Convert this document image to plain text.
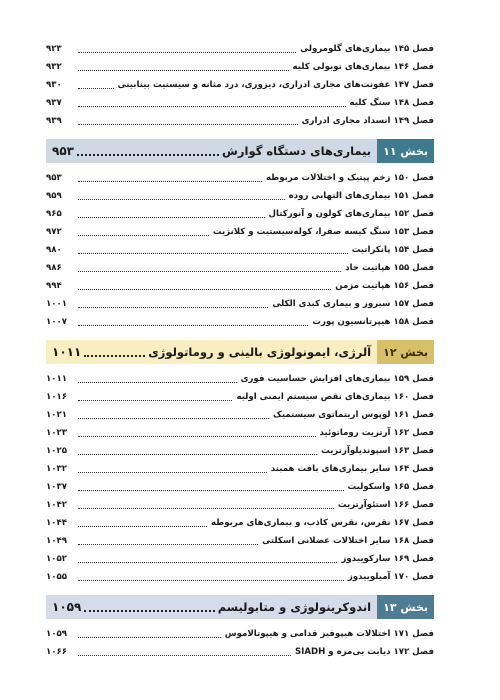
فصل ۱۴۵ بیماری‌های گلومرولی
۹۲۳
فصل ۱۴۶ بیماری‌های توبولی کلیه
۹۳۲
فصل ۱۴۷ عفونت‌های مجاری ادراری، دیزوری، درد مثانه و سیستیت بینابینی
۹۳۰
فصل ۱۴۸ سنگ کلیه
۹۳۷
فصل ۱۴۹ انسداد مجاری ادراری
۹۳۹
بخش ۱۱
بیماری‌های دستگاه گوارش
۹۵۳
فصل ۱۵۰ زخم پپتیک و اختلالات مربوطه
۹۵۳
فصل ۱۵۱ بیماری‌های التهابی روده
۹۵۹
فصل ۱۵۲ بیماری‌های کولون و آنورکتال
۹۶۵
فصل ۱۵۳ سنگ کیسه صفرا، کوله‌سیستیت و کلانژیت
۹۷۲
فصل ۱۵۴ پانکراتیت
۹۸۰
فصل ۱۵۵ هپاتیت حاد
۹۸۶
فصل ۱۵۶ هپاتیت مزمن
۹۹۴
فصل ۱۵۷ سیروز و بیماری کبدی الکلی
۱۰۰۱
فصل ۱۵۸ هیپرتانسیون پورت
۱۰۰۷
بخش ۱۲
آلرژی، ایمونولوژی بالینی و روماتولوژی
۱۰۱۱
فصل ۱۵۹ بیماری‌های افزایش حساسیت فوری
۱۰۱۱
فصل ۱۶۰ بیماری‌های نقص سیستم ایمنی اولیه
۱۰۱۶
فصل ۱۶۱ لوپوس اریتماتوی سیستمیک
۱۰۲۱
فصل ۱۶۲ آرتریت روماتوئید
۱۰۲۳
فصل ۱۶۳ اسپوندیلوآرتریت
۱۰۲۵
فصل ۱۶۴ سایر بیماری‌های بافت همبند
۱۰۳۲
فصل ۱۶۵ واسکولیت
۱۰۳۷
فصل ۱۶۶ استئوآرتریت
۱۰۴۲
فصل ۱۶۷ نقرس، نقرس کاذب، و بیماری‌های مربوطه
۱۰۴۴
فصل ۱۶۸ سایر اختلالات عضلانی اسکلتی
۱۰۴۹
فصل ۱۶۹ سارکوییدوز
۱۰۵۲
فصل ۱۷۰ آمیلوییدوز
۱۰۵۵
بخش ۱۳
اندوکرینولوژی و متابولیسم
۱۰۵۹
فصل ۱۷۱ اختلالات هیپوفیز قدامی و هیپوتالاموس
۱۰۵۹
فصل ۱۷۲ دیابت بی‌مزه و SIADH
۱۰۶۶
